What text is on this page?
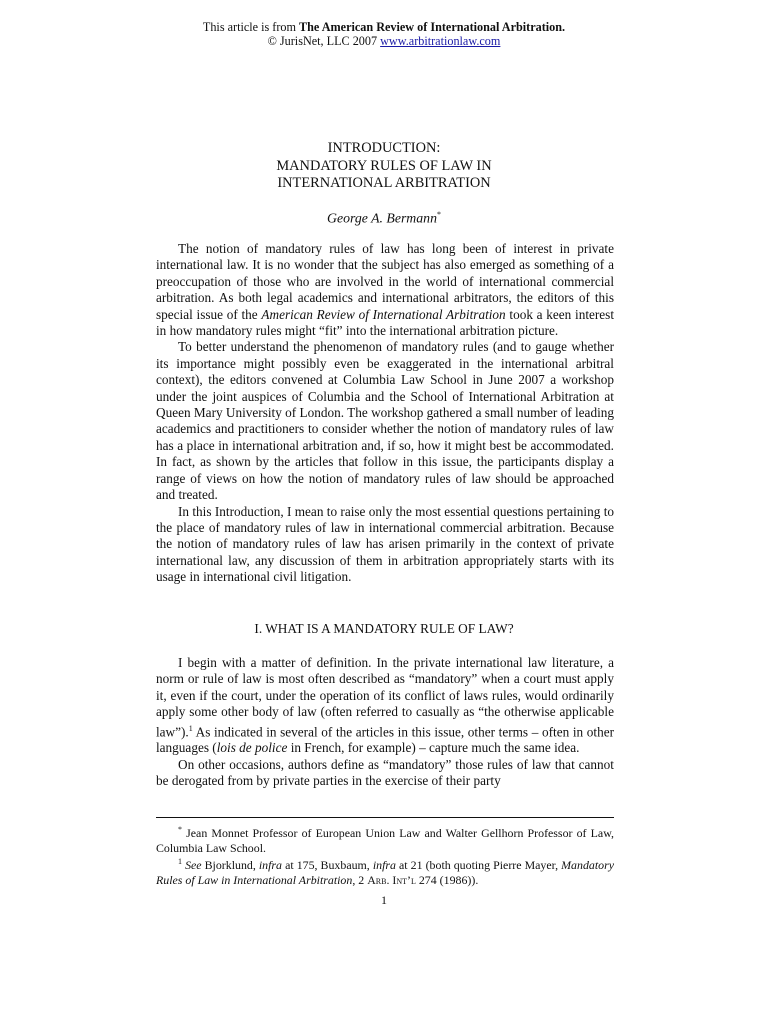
This article is from The American Review of International Arbitration.
© JurisNet, LLC 2007 www.arbitrationlaw.com
INTRODUCTION:
MANDATORY RULES OF LAW IN
INTERNATIONAL ARBITRATION
George A. Bermann*

The notion of mandatory rules of law has long been of interest in private international law. It is no wonder that the subject has also emerged as something of a preoccupation of those who are involved in the world of international commercial arbitration. As both legal academics and international arbitrators, the editors of this special issue of the American Review of International Arbitration took a keen interest in how mandatory rules might “fit” into the international arbitration picture.

To better understand the phenomenon of mandatory rules (and to gauge whether its importance might possibly even be exaggerated in the international arbitral context), the editors convened at Columbia Law School in June 2007 a workshop under the joint auspices of Columbia and the School of International Arbitration at Queen Mary University of London. The workshop gathered a small number of leading academics and practitioners to consider whether the notion of mandatory rules of law has a place in international arbitration and, if so, how it might best be accommodated. In fact, as shown by the articles that follow in this issue, the participants display a range of views on how the notion of mandatory rules of law should be approached and treated.

In this Introduction, I mean to raise only the most essential questions pertaining to the place of mandatory rules of law in international commercial arbitration. Because the notion of mandatory rules of law has arisen primarily in the context of private international law, any discussion of them in arbitration appropriately starts with its usage in international civil litigation.

I. WHAT IS A MANDATORY RULE OF LAW?

I begin with a matter of definition. In the private international law literature, a norm or rule of law is most often described as “mandatory” when a court must apply it, even if the court, under the operation of its conflict of laws rules, would ordinarily apply some other body of law (often referred to casually as “the otherwise applicable law”).$^1$ As indicated in several of the articles in this issue, other terms – often in other languages (lois de police in French, for example) – capture much the same idea.

On other occasions, authors define as “mandatory” those rules of law that cannot be derogated from by private parties in the exercise of their party

* Jean Monnet Professor of European Union Law and Walter Gellhorn Professor of Law, Columbia Law School.

$^1$ See Bjorklund, infra at 175, Buxbaum, infra at 21 (both quoting Pierre Mayer, Mandatory Rules of Law in International Arbitration, 2 Arb. Int’l 274 (1986)).

1
